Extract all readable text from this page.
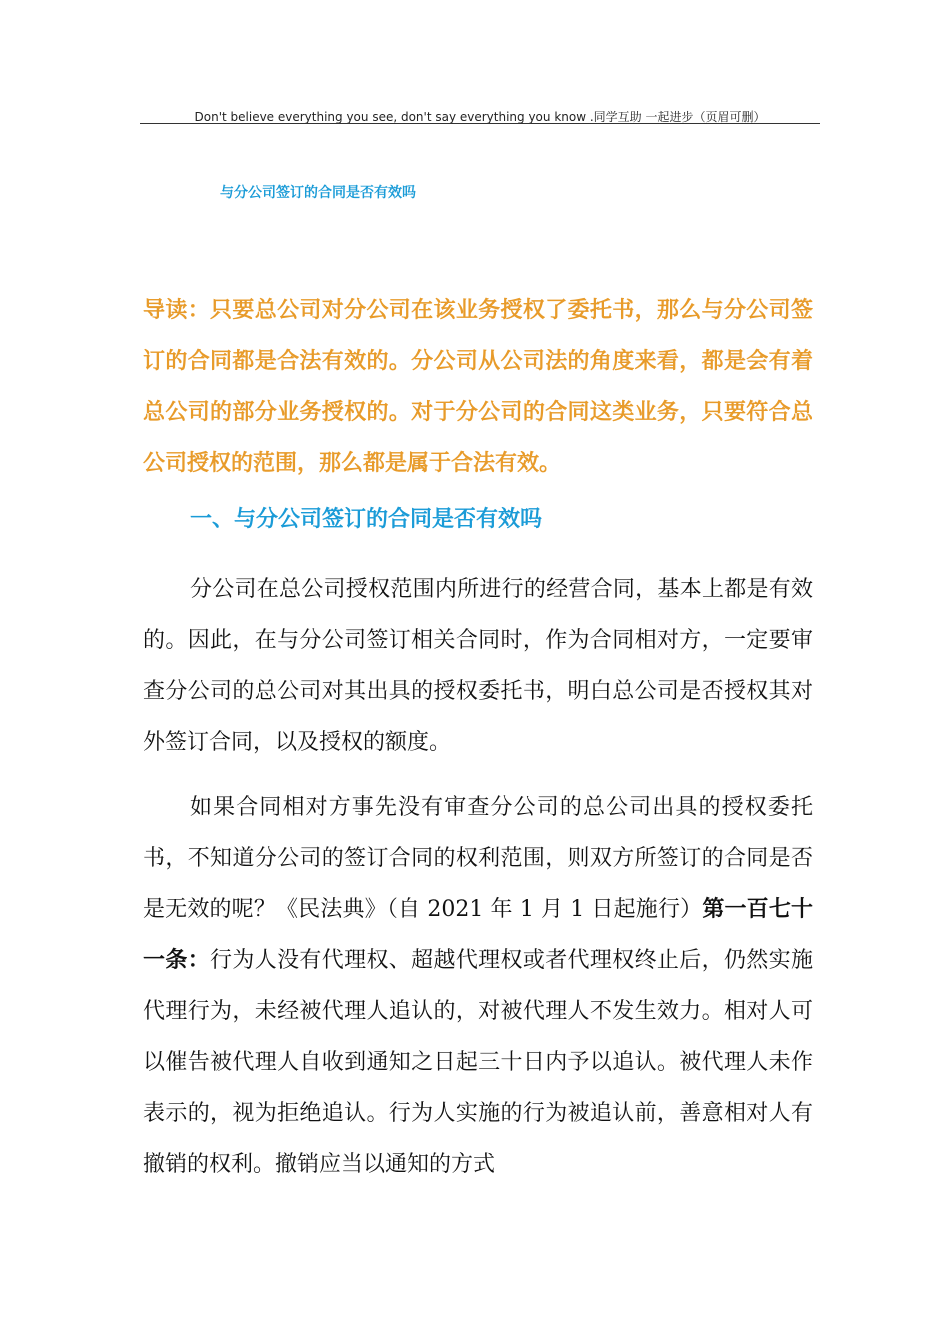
Don't believe everything you see, don't say everything you know .同学互助 一起进步（页眉可删）
与分公司签订的合同是否有效吗
导读：只要总公司对分公司在该业务授权了委托书，那么与分公司签订的合同都是合法有效的。分公司从公司法的角度来看，都是会有着总公司的部分业务授权的。对于分公司的合同这类业务，只要符合总公司授权的范围，那么都是属于合法有效。
一、与分公司签订的合同是否有效吗

分公司在总公司授权范围内所进行的经营合同，基本上都是有效的。因此，在与分公司签订相关合同时，作为合同相对方，一定要审查分公司的总公司对其出具的授权委托书，明白总公司是否授权其对外签订合同，以及授权的额度。

如果合同相对方事先没有审查分公司的总公司出具的授权委托书，不知道分公司的签订合同的权利范围，则双方所签订的合同是否是无效的呢？《民法典》（自 2021 年 1 月 1 日起施行）第一百七十一条：行为人没有代理权、超越代理权或者代理权终止后，仍然实施代理行为，未经被代理人追认的，对被代理人不发生效力。相对人可以催告被代理人自收到通知之日起三十日内予以追认。被代理人未作表示的，视为拒绝追认。行为人实施的行为被追认前，善意相对人有撤销的权利。撤销应当以通知的方式
